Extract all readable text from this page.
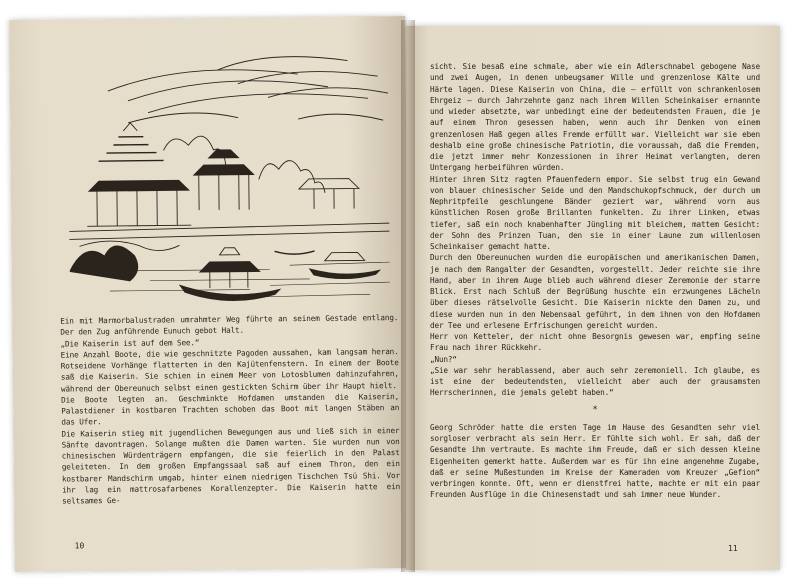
Ein mit Marmorbalustraden umrahmter Weg führte an seinem Gestade entlang. Der den Zug anführende Eunuch gebot Halt.

„Die Kaiserin ist auf dem See.“

Eine Anzahl Boote, die wie geschnitzte Pagoden aussahen, kam langsam heran. Rotseidene Vorhänge flatterten in den Kajütenfenstern. In einem der Boote saß die Kaiserin. Sie schien in einem Meer von Lotosblumen dahinzufahren, während der Obereunuch selbst einen gestickten Schirm über ihr Haupt hielt.

Die Boote legten an. Geschminkte Hofdamen umstanden die Kaiserin, Palastdiener in kostbaren Trachten schoben das Boot mit langen Stäben an das Ufer.

Die Kaiserin stieg mit jugendlichen Bewegungen aus und ließ sich in einer Sänfte davontragen. Solange mußten die Damen warten. Sie wurden nun von chinesischen Würdenträgern empfangen, die sie feierlich in den Palast geleiteten. In dem großen Empfangssaal saß auf einem Thron, den ein kostbarer Mandschirm umgab, hinter einem niedrigen Tischchen Tsü Shi. Vor ihr lag ein mattrosafarbenes Korallenzepter. Die Kaiserin hatte ein seltsames Ge-

10

sicht. Sie besaß eine schmale, aber wie ein Adlerschnabel gebogene Nase und zwei Augen, in denen unbeugsamer Wille und grenzenlose Kälte und Härte lagen. Diese Kaiserin von China, die — erfüllt von schrankenlosem Ehrgeiz — durch Jahrzehnte ganz nach ihrem Willen Scheinkaiser ernannte und wieder absetzte, war unbedingt eine der bedeutendsten Frauen, die je auf einem Thron gesessen haben, wenn auch ihr Denken von einem grenzenlosen Haß gegen alles Fremde erfüllt war. Vielleicht war sie eben deshalb eine große chinesische Patriotin, die voraussah, daß die Fremden, die jetzt immer mehr Konzessionen in ihrer Heimat verlangten, deren Untergang herbeiführen würden.

Hinter ihrem Sitz ragten Pfauenfedern empor. Sie selbst trug ein Gewand von blauer chinesischer Seide und den Mandschukopfschmuck, der durch um Nephritpfeile geschlungene Bänder geziert war, während vorn aus künstlichen Rosen große Brillanten funkelten. Zu ihrer Linken, etwas tiefer, saß ein noch knabenhafter Jüngling mit bleichem, mattem Gesicht: der Sohn des Prinzen Tuan, den sie in einer Laune zum willenlosen Scheinkaiser gemacht hatte.

Durch den Obereunuchen wurden die europäischen und amerikanischen Damen, je nach dem Rangalter der Gesandten, vorgestellt. Jeder reichte sie ihre Hand, aber in ihrem Auge blieb auch während dieser Zeremonie der starre Blick. Erst nach Schluß der Begrüßung huschte ein erzwungenes Lächeln über dieses rätselvolle Gesicht. Die Kaiserin nickte den Damen zu, und diese wurden nun in den Nebensaal geführt, in dem ihnen von den Hofdamen der Tee und erlesene Erfrischungen gereicht wurden.

Herr von Ketteler, der nicht ohne Besorgnis gewesen war, empfing seine Frau nach ihrer Rückkehr.

„Nun?“

„Sie war sehr herablassend, aber auch sehr zeremoniell. Ich glaube, es ist eine der bedeutendsten, vielleicht aber auch der grausamsten Herrscherinnen, die jemals gelebt haben.“

*

Georg Schröder hatte die ersten Tage im Hause des Gesandten sehr viel sorgloser verbracht als sein Herr. Er fühlte sich wohl. Er sah, daß der Gesandte ihm vertraute. Es machte ihm Freude, daß er sich dessen kleine Eigenheiten gemerkt hatte. Außerdem war es für ihn eine angenehme Zugabe, daß er seine Mußestunden im Kreise der Kameraden vom Kreuzer „Gefion“ verbringen konnte. Oft, wenn er dienstfrei hatte, machte er mit ein paar Freunden Ausflüge in die Chinesenstadt und sah immer neue Wunder.

11
